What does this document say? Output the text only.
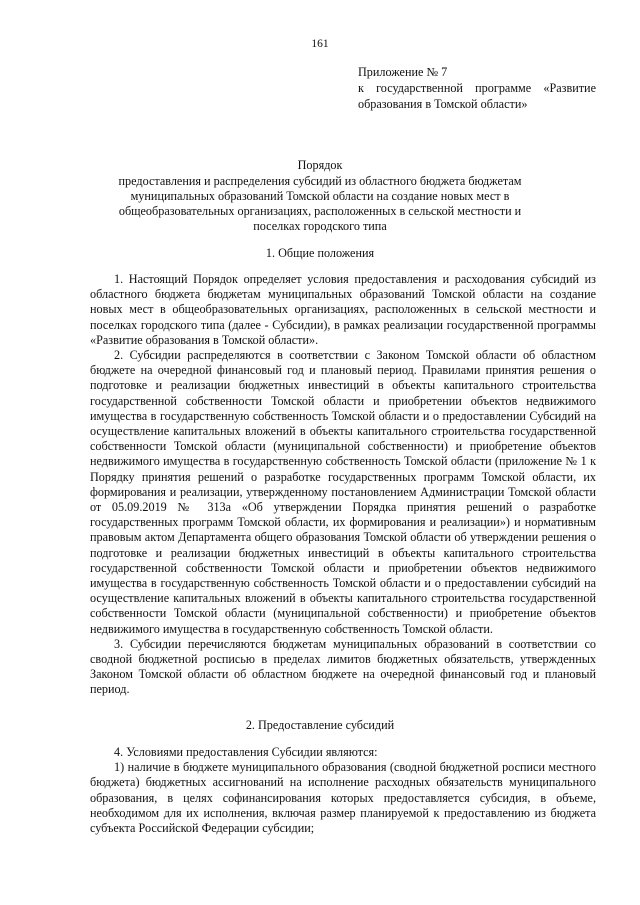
161
Приложение № 7
к государственной программе «Развитие образования в Томской области»
Порядок
предоставления и распределения субсидий из областного бюджета бюджетам муниципальных образований Томской области на создание новых мест в общеобразовательных организациях, расположенных в сельской местности и поселках городского типа
1. Общие положения

1. Настоящий Порядок определяет условия предоставления и расходования субсидий из областного бюджета бюджетам муниципальных образований Томской области на создание новых мест в общеобразовательных организациях, расположенных в сельской местности и поселках городского типа (далее - Субсидии), в рамках реализации государственной программы «Развитие образования в Томской области».

2. Субсидии распределяются в соответствии с Законом Томской области об областном бюджете на очередной финансовый год и плановый период. Правилами принятия решения о подготовке и реализации бюджетных инвестиций в объекты капитального строительства государственной собственности Томской области и приобретении объектов недвижимого имущества в государственную собственность Томской области и о предоставлении Субсидий на осуществление капитальных вложений в объекты капитального строительства государственной собственности Томской области (муниципальной собственности) и приобретение объектов недвижимого имущества в государственную собственность Томской области (приложение № 1 к Порядку принятия решений о разработке государственных программ Томской области, их формирования и реализации, утвержденному постановлением Администрации Томской области от 05.09.2019 № 313а «Об утверждении Порядка принятия решений о разработке государственных программ Томской области, их формирования и реализации») и нормативным правовым актом Департамента общего образования Томской области об утверждении решения о подготовке и реализации бюджетных инвестиций в объекты капитального строительства государственной собственности Томской области и приобретении объектов недвижимого имущества в государственную собственность Томской области и о предоставлении субсидий на осуществление капитальных вложений в объекты капитального строительства государственной собственности Томской области (муниципальной собственности) и приобретение объектов недвижимого имущества в государственную собственность Томской области.

3. Субсидии перечисляются бюджетам муниципальных образований в соответствии со сводной бюджетной росписью в пределах лимитов бюджетных обязательств, утвержденных Законом Томской области об областном бюджете на очередной финансовый год и плановый период.

2. Предоставление субсидий

4. Условиями предоставления Субсидии являются:

1) наличие в бюджете муниципального образования (сводной бюджетной росписи местного бюджета) бюджетных ассигнований на исполнение расходных обязательств муниципального образования, в целях софинансирования которых предоставляется субсидия, в объеме, необходимом для их исполнения, включая размер планируемой к предоставлению из бюджета субъекта Российской Федерации субсидии;
